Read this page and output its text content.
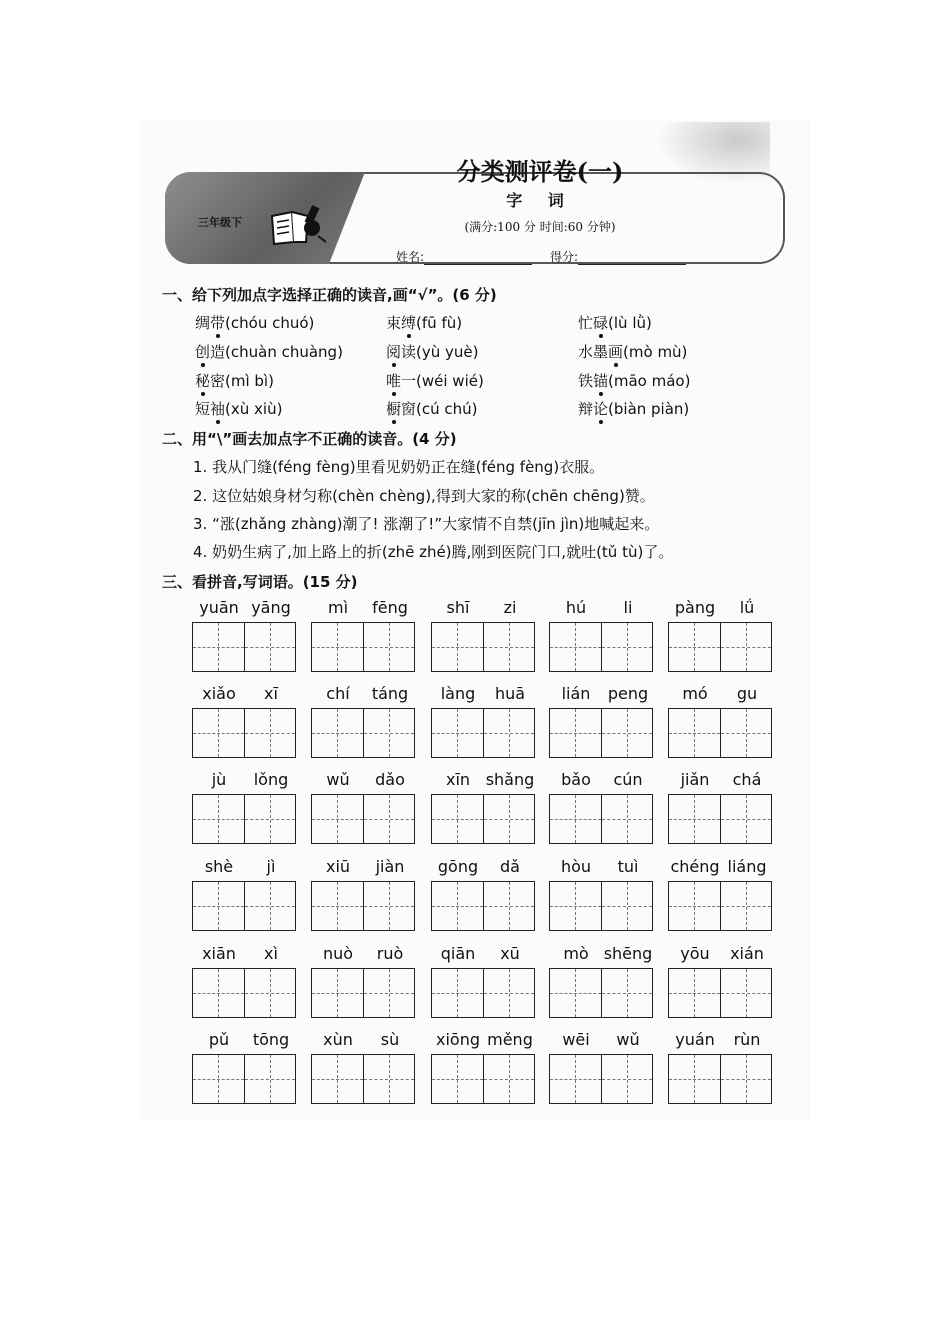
三年级下
分类测评卷(一)
字 词
(满分:100 分 时间:60 分钟)
姓名:	得分:
一、给下列加点字选择正确的读音,画“√”。(6 分)
绸带(chóu chuó)	束缚(fū fù)	忙碌(lù lǜ)
创造(chuàn chuàng)	阅读(yù yuè)	水墨画(mò mù)
秘密(mì bì)	唯一(wéi wié)	铁锚(māo máo)
短袖(xù xiù)	橱窗(cú chú)	辩论(biàn piàn)
二、用“\”画去加点字不正确的读音。(4 分)
1. 我从门缝(féng fèng)里看见奶奶正在缝(féng fèng)衣服。
2. 这位姑娘身材匀称(chèn chèng),得到大家的称(chēn chēng)赞。
3. “涨(zhǎng zhàng)潮了! 涨潮了!”大家情不自禁(jīn jìn)地喊起来。
4. 奶奶生病了,加上路上的折(zhē zhé)腾,刚到医院门口,就吐(tǔ tù)了。
三、看拼音,写词语。(15 分)
yuān yāng	mì fēng	shī zi	hú li	pàng lǘ
xiǎo xī	chí táng	làng huā	lián peng	mó gu
jù lǒng	wǔ dǎo	xīn shǎng	bǎo cún	jiǎn chá
shè jì	xiū jiàn	gōng dǎ	hòu tuì	chéng liáng
xiān xì	nuò ruò	qiān xū	mò shēng	yōu xián
pǔ tōng	xùn sù	xiōng měng	wēi wǔ	yuán rùn
